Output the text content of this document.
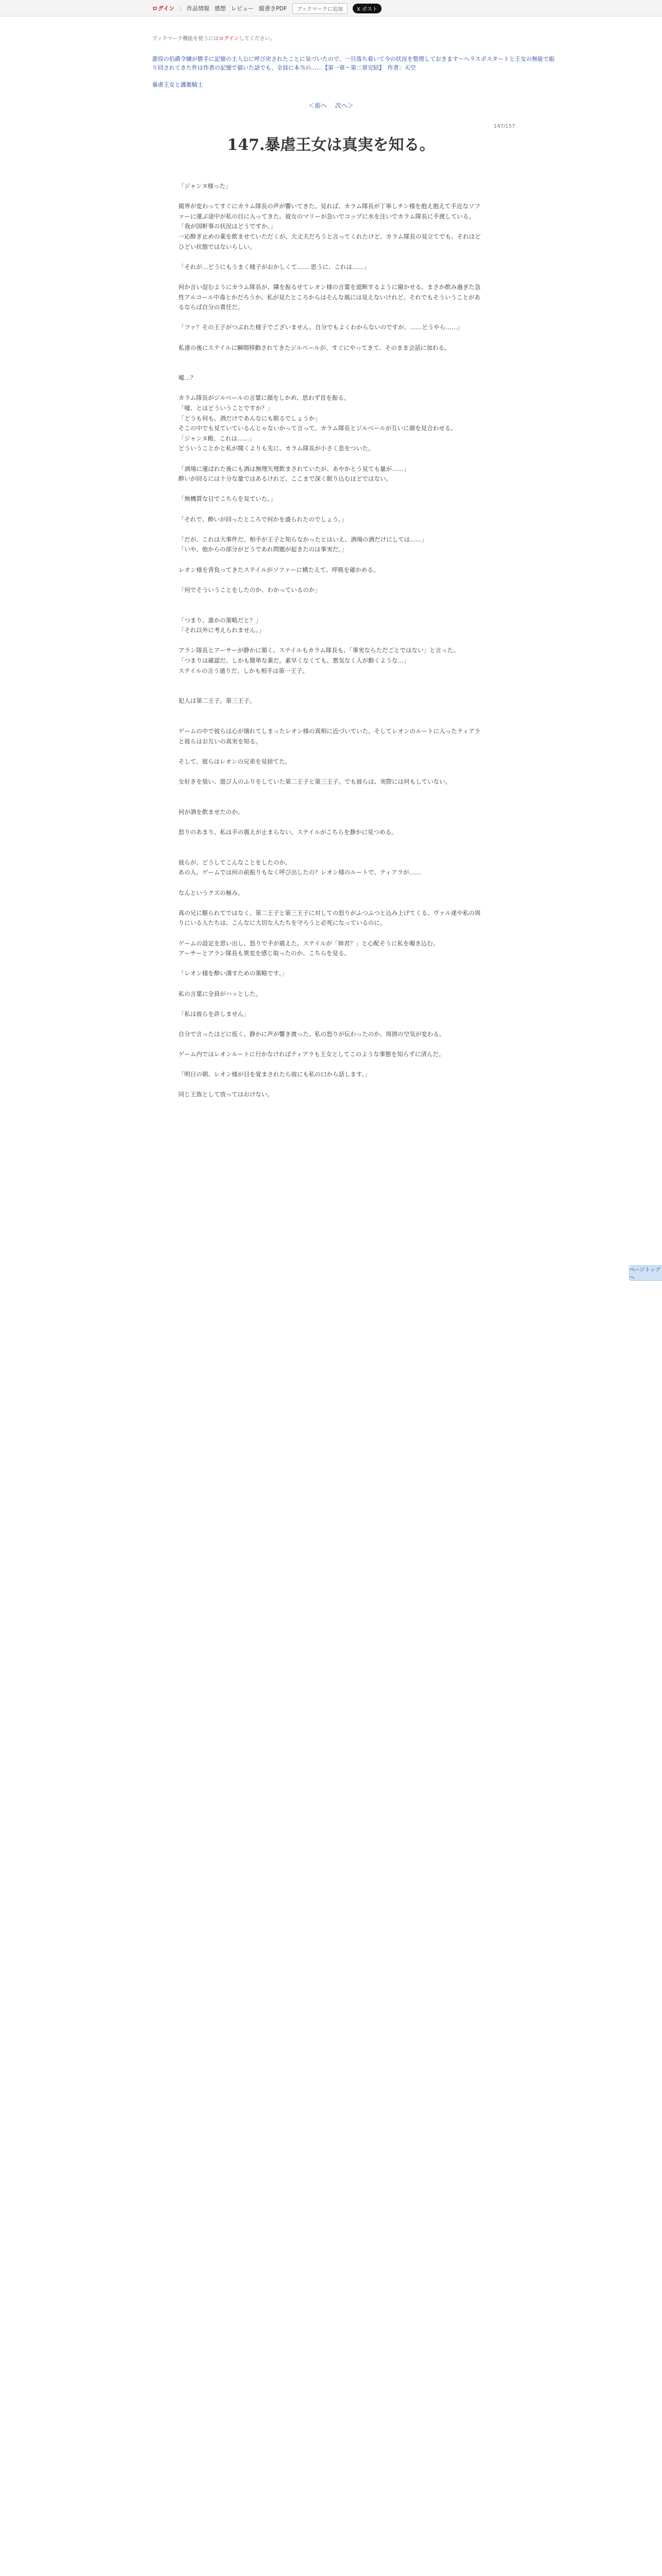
ログイン | 作品情報 感想 レビュー 縦書きPDF	ブックマークに追加	X ポスト
ブックマーク機能を使うにはログインしてください。
悪役の伯爵令嬢が勝手に記憶の主人公に呼び戻されたことに気づいたので、一旦落ち着いて今の状況を整理しておきます～ヘラスポスタートと王女の無能で振り回されてきた件は作者の記憶で描いた話でも、全員に本当の……【第一章～第二章完結】　作者：天空
暴虐王女と護衛騎士
＜前へ 次へ＞
147/157
147.暴虐王女は真実を知る。

「ジャンヌ様った」

掲界が変わってすぐにカラム隊長の声が響いてきた。見れば、カラム隊長が丁寧しチン様を抱え抱えて手近なソファーに運ぶ途中が私の目に入ってきた。彼女のマリーが急いでコップに水を注いでカラム隊長に手渡している。

「我が国軒事の状況はどうですか。」

一応酔ぎ止めの薬を飲ませていただくが、大丈夫だろうと言ってくれたけど、カラム隊長の見立てでも、それほどひどい状態ではないらしい。

「それが…どうにもうまく様子がおかしくて…… 思うに、これは……」

何か言い淀むようにカラム隊長が、隣を振るせてレオン様の言葉を遮断するように窺かせる。まさか飲み過ぎた急性アルコール中毒とかだろうか。私が見たところからはそんな風には見えないけれど。それでもそういうことがあるならば自分の責任だ。

「ファ？その王子がつぶれた様子でございません。自分でもよくわからないのですが、……どうやら……」

私達の後にステイルに瞬間移動されてきたジルベールが、すぐにやってきて、そのまま会話に加わる。

嘘…？

カラム隊長がジルベールの言葉に顔をしかめ、思わず首を振る。

「嘘、とはどういうことですか？」

「どうも何も、酒だけであんなにも眠るでしょうか」

そこの中でも見ていているんじゃないかって言って、カラム隊長とジルベールが互いに顔を見合わせる。

「ジャンヌ殿、これは……」

どういうことかと私が聞くよりも先に、カラム隊長が小さく息をついた。

「酒場に運ばれた後にも酒は無理矢理飲まされていたが、あやかとう見ても量が……」

酔いが回るには十分な量ではあるけれど、ここまで深く眠り込むほどではない。

「無機質な目でこちらを見ていた。」

「それで、酔いが回ったところで何かを盛られたのでしょう。」

「だが、これは大事件だ。相手が王子と知らなかったとはいえ、酒場の酒だけにしては……」

「いや、他からの部分がどうであれ問題が起きたのは事実だ。」

レオン様を背負ってきたステイルがソファーに横たえて、呼吸を確かめる。

「何でそういうことをしたのか、わかっているのか」

「つまり、誰かの策略だと？」

「それ以外に考えられません。」

アラン隊長とアーサーが静かに頷く。ステイルもカラム隊長も、「事実ならただごとではない」と言った。

「つまりは確認だ。しかも簡単な薬だ。素早くなくても、悪気なく人が動くような…」

ステイルの言う通りだ。しかも相手は第一王子。

犯人は第二王子。第三王子。

ゲームの中で彼らは心が壊れてしまったレオン様の真相に近づいていた。そしてレオンのルートに入ったティアラと彼らはお互いの真実を知る。

そして、彼らはレオンの兄弟を見捨てた。

女好きを装い、遊び人のふりをしていた第二王子と第三王子。でも彼らは、実際には何もしていない。

何が酒を飲ませたのか。

怒りのあまり、私は手の震えが止まらない。ステイルがこちらを静かに見つめる。

彼らが、どうしてこんなことをしたのか。

あの人、ゲームでは何の前振りもなく呼び出したの？レオン様のルートで、ティアラが……

なんというクズの極み。

真の兄に駆られてではなく、第二王子と第三王子に対しての怒りがふつふつと込み上げてくる。ヴァル達や私の周りにいる人たちは、こんなに大切な人たちを守ろうと必死になっているのに。

ゲームの設定を思い出し、怒りで手が震えた。ステイルが「姉君？」と心配そうに私を覗き込む。

アーサーとアラン隊長も異変を感じ取ったのか、こちらを見る。

「レオン様を酔い潰すための策略です。」

私の言葉に全員がハッとした。

「私は彼らを許しません」

自分で言ったほどに低く、静かに声が響き渡った。私の怒りが伝わったのか、周囲の空気が変わる。

ゲーム内ではレオンルートに行かなければティアラも王女としてこのような事態を知らずに済んだ。

「明日の朝、レオン様が目を覚まされたら彼にも私の口から話します。」

同じ王族として放ってはおけない。

ページトップへ
